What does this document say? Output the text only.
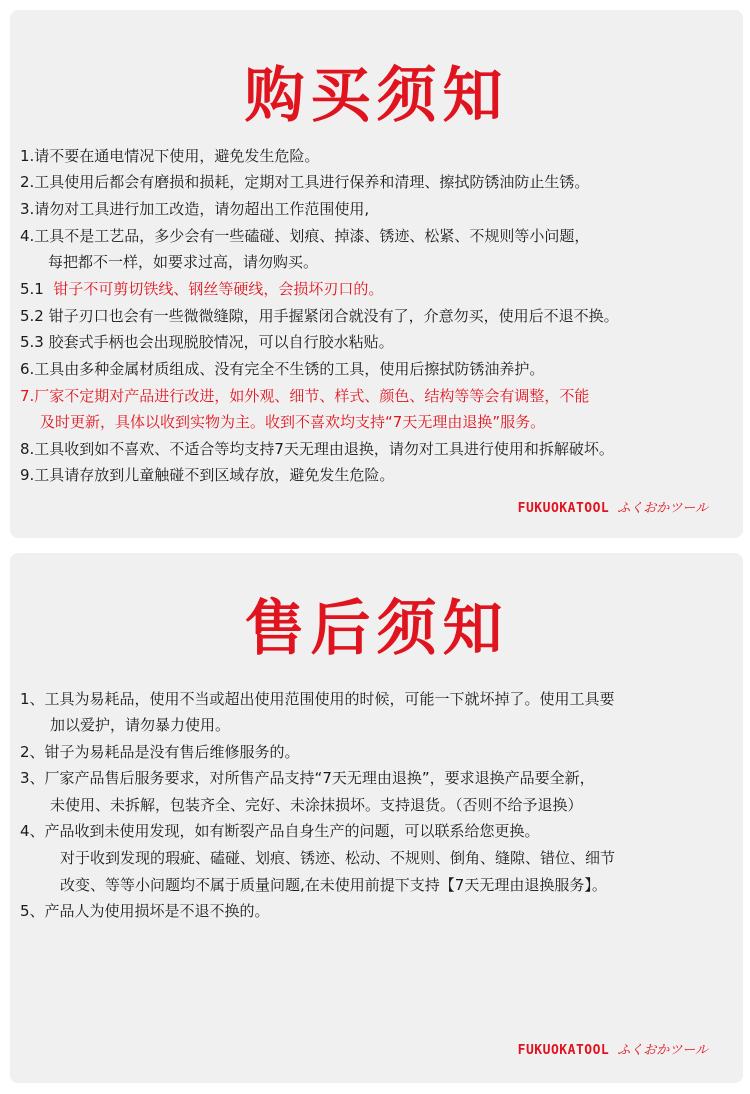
购买须知
1.请不要在通电情况下使用，避免发生危险。
2.工具使用后都会有磨损和损耗，定期对工具进行保养和清理、擦拭防锈油防止生锈。
3.请勿对工具进行加工改造，请勿超出工作范围使用,
4.工具不是工艺品，多少会有一些磕碰、划痕、掉漆、锈迹、松紧、不规则等小问题，
每把都不一样，如要求过高，请勿购买。
5.1 钳子不可剪切铁线、钢丝等硬线，会损坏刃口的。
5.2 钳子刃口也会有一些微微缝隙，用手握紧闭合就没有了，介意勿买，使用后不退不换。
5.3 胶套式手柄也会出现脱胶情况，可以自行胶水粘贴。
6.工具由多种金属材质组成、没有完全不生锈的工具，使用后擦拭防锈油养护。
7.厂家不定期对产品进行改进，如外观、细节、样式、颜色、结构等等会有调整，不能
及时更新，具体以收到实物为主。收到不喜欢均支持“7天无理由退换”服务。
8.工具收到如不喜欢、不适合等均支持7天无理由退换，请勿对工具进行使用和拆解破坏。
9.工具请存放到儿童触碰不到区域存放，避免发生危险。
FUKUOKATOOL ふくおかツール
售后须知
1、工具为易耗品，使用不当或超出使用范围使用的时候，可能一下就坏掉了。使用工具要
加以爱护，请勿暴力使用。
2、钳子为易耗品是没有售后维修服务的。
3、厂家产品售后服务要求，对所售产品支持“7天无理由退换”，要求退换产品要全新，
未使用、未拆解，包装齐全、完好、未涂抹损坏。支持退货。（否则不给予退换）
4、产品收到未使用发现，如有断裂产品自身生产的问题，可以联系给您更换。
对于收到发现的瑕疵、磕碰、划痕、锈迹、松动、不规则、倒角、缝隙、错位、细节
改变、等等小问题均不属于质量问题,在未使用前提下支持【7天无理由退换服务】。
5、产品人为使用损坏是不退不换的。
FUKUOKATOOL ふくおかツール
